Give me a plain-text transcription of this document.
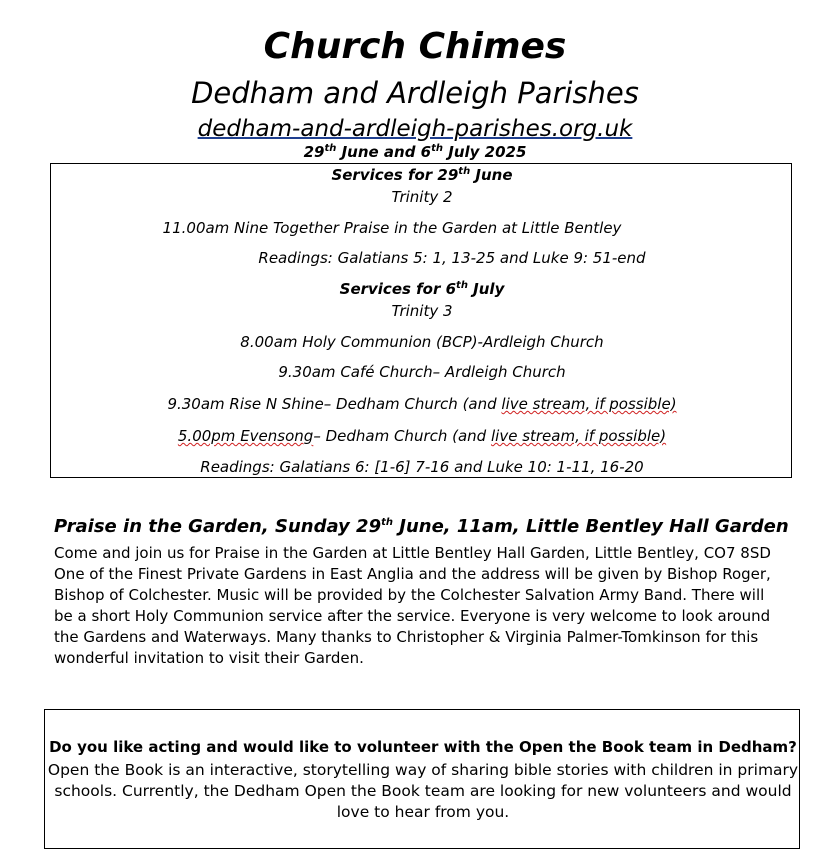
Church Chimes
Dedham and Ardleigh Parishes
dedham-and-ardleigh-parishes.org.uk
29th June and 6th July 2025
Services for 29th June
Trinity 2
11.00am Nine Together Praise in the Garden at Little Bentley
Readings: Galatians 5: 1, 13-25 and Luke 9: 51-end
Services for 6th July
Trinity 3
8.00am Holy Communion (BCP)-Ardleigh Church
9.30am Café Church– Ardleigh Church
9.30am Rise N Shine– Dedham Church (and live stream, if possible)
5.00pm Evensong– Dedham Church (and live stream, if possible)
Readings: Galatians 6: [1-6] 7-16 and Luke 10: 1-11, 16-20
Praise in the Garden, Sunday 29th June, 11am, Little Bentley Hall Garden
Come and join us for Praise in the Garden at Little Bentley Hall Garden, Little Bentley, CO7 8SD
One of the Finest Private Gardens in East Anglia and the address will be given by Bishop Roger,
Bishop of Colchester. Music will be provided by the Colchester Salvation Army Band. There will
be a short Holy Communion service after the service. Everyone is very welcome to look around
the Gardens and Waterways. Many thanks to Christopher & Virginia Palmer-Tomkinson for this
wonderful invitation to visit their Garden.
Do you like acting and would like to volunteer with the Open the Book team in Dedham?
Open the Book is an interactive, storytelling way of sharing bible stories with children in primary
schools. Currently, the Dedham Open the Book team are looking for new volunteers and would
love to hear from you.
